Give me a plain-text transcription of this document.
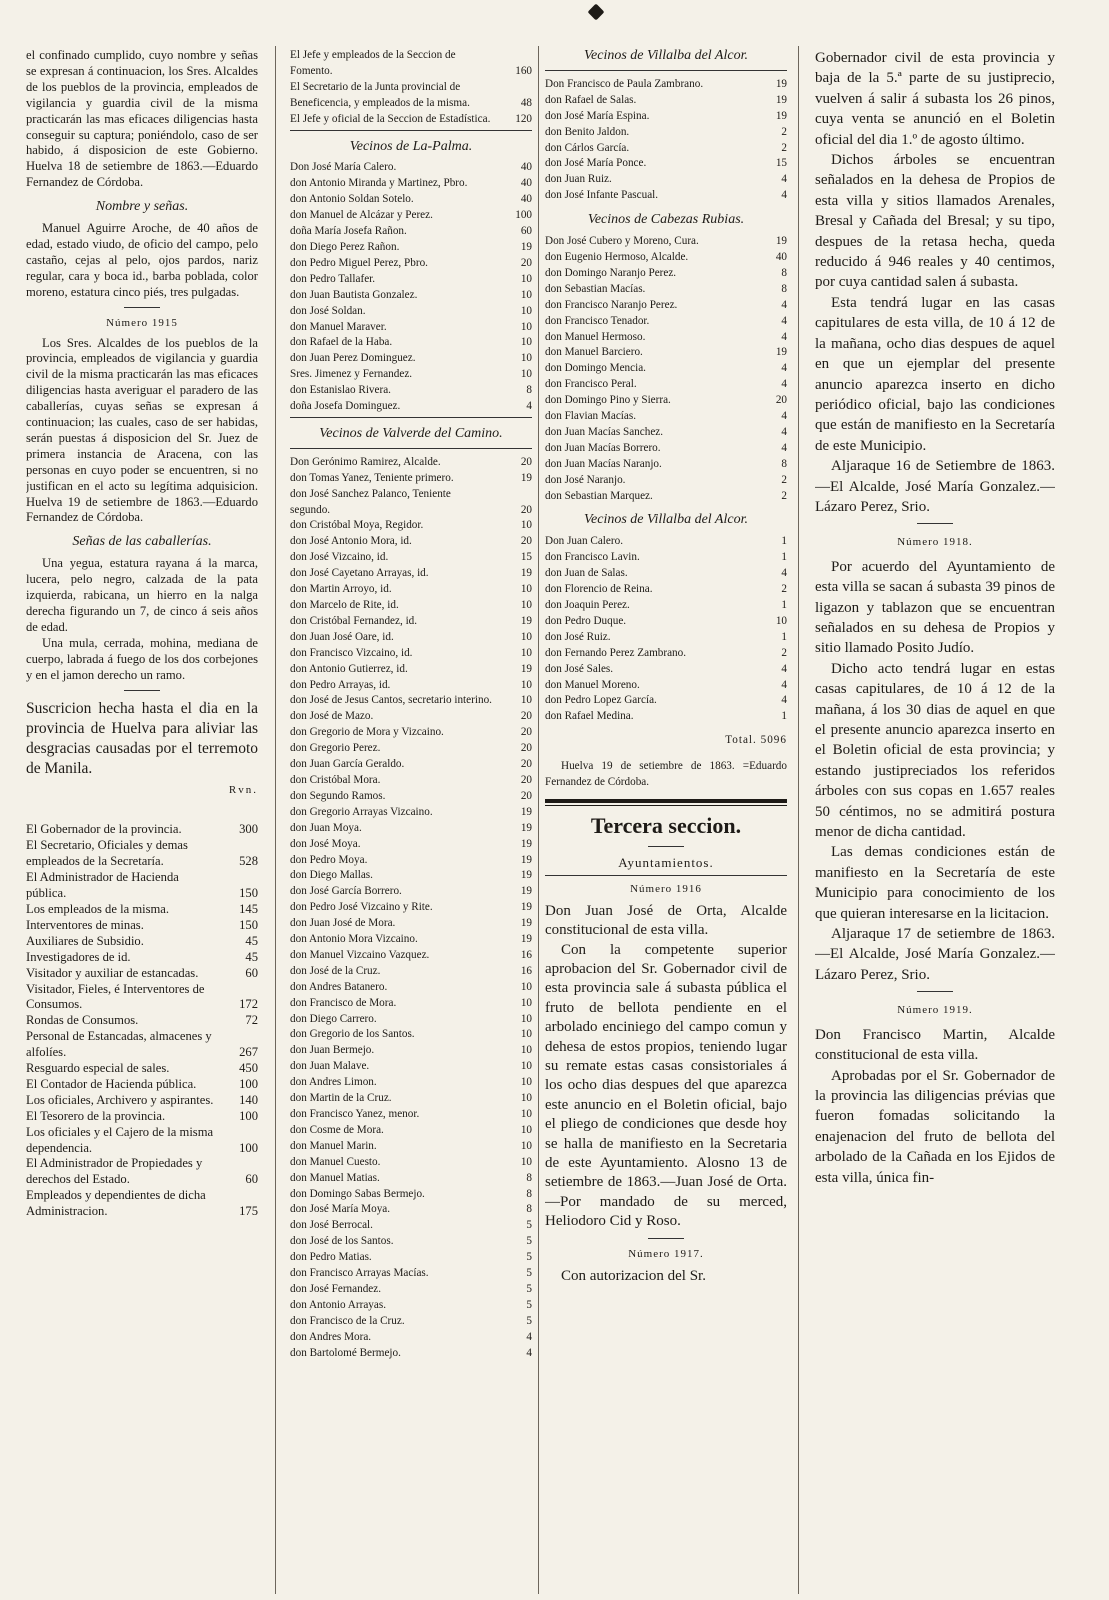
el confinado cumplido, cuyo nombre y señas se expresan á continuacion, los Sres. Alcaldes de los pueblos de la provincia, empleados de vigilancia y guardia civil de la misma practicarán las mas eficaces diligencias hasta conseguir su captura; poniéndolo, caso de ser habido, á disposicion de este Gobierno. Huelva 18 de setiembre de 1863.—Eduardo Fernandez de Córdoba.

Nombre y señas.

Manuel Aguirre Aroche, de 40 años de edad, estado viudo, de oficio del campo, pelo castaño, cejas al pelo, ojos pardos, nariz regular, cara y boca id., barba poblada, color moreno, estatura cinco piés, tres pulgadas.

Número 1915

Los Sres. Alcaldes de los pueblos de la provincia, empleados de vigilancia y guardia civil de la misma practicarán las mas eficaces diligencias hasta averiguar el paradero de las caballerías, cuyas señas se expresan á continuacion; las cuales, caso de ser habidas, serán puestas á disposicion del Sr. Juez de primera instancia de Aracena, con las personas en cuyo poder se encuentren, si no justifican en el acto su legítima adquisicion. Huelva 19 de setiembre de 1863.—Eduardo Fernandez de Córdoba.

Señas de las caballerías.

Una yegua, estatura rayana á la marca, lucera, pelo negro, calzada de la pata izquierda, rabicana, un hierro en la nalga derecha figurando un 7, de cinco á seis años de edad.

Una mula, cerrada, mohina, mediana de cuerpo, labrada á fuego de los dos corbejones y en el jamon derecho un ramo.

Suscricion hecha hasta el dia en la provincia de Huelva para aliviar las desgracias causadas por el terremoto de Manila.

Rvn.
El Gobernador de la provincia.	300
El Secretario, Oficiales y demas empleados de la Secretaría.	528
El Administrador de Hacienda pública.	150
Los empleados de la misma.	145
Interventores de minas.	150
Auxiliares de Subsidio.	45
Investigadores de id.	45
Visitador y auxiliar de estancadas.	60
Visitador, Fieles, é Interventores de Consumos.	172
Rondas de Consumos.	72
Personal de Estancadas, almacenes y alfolíes.	267
Resguardo especial de sales.	450
El Contador de Hacienda pública.	100
Los oficiales, Archivero y aspirantes.	140
El Tesorero de la provincia.	100
Los oficiales y el Cajero de la misma dependencia.	100
El Administrador de Propiedades y derechos del Estado.	60
Empleados y dependientes de dicha Administracion.	175
El Jefe y empleados de la Seccion de Fomento.	160
El Secretario de la Junta provincial de Beneficencia, y empleados de la misma.	48
El Jefe y oficial de la Seccion de Estadística.	120
Vecinos de La-Palma.
Don José María Calero.	40
don Antonio Miranda y Martinez, Pbro.	40
don Antonio Soldan Sotelo.	40
don Manuel de Alcázar y Perez.	100
doña María Josefa Rañon.	60
don Diego Perez Rañon.	19
don Pedro Miguel Perez, Pbro.	20
don Pedro Tallafer.	10
don Juan Bautista Gonzalez.	10
don José Soldan.	10
don Manuel Maraver.	10
don Rafael de la Haba.	10
don Juan Perez Dominguez.	10
Sres. Jimenez y Fernandez.	10
don Estanislao Rivera.	8
doña Josefa Dominguez.	4
Vecinos de Valverde del Camino.
Don Gerónimo Ramirez, Alcalde.	20
don Tomas Yanez, Teniente primero.	19
don José Sanchez Palanco, Teniente segundo.	20
don Cristóbal Moya, Regidor.	10
don José Antonio Mora, id.	20
don José Vizcaino, id.	15
don José Cayetano Arrayas, id.	19
don Martin Arroyo, id.	10
don Marcelo de Rite, id.	10
don Cristóbal Fernandez, id.	19
don Juan José Oare, id.	10
don Francisco Vizcaino, id.	10
don Antonio Gutierrez, id.	19
don Pedro Arrayas, id.	10
don José de Jesus Cantos, secretario interino.	10
don José de Mazo.	20
don Gregorio de Mora y Vizcaino.	20
don Gregorio Perez.	20
don Juan García Geraldo.	20
don Cristóbal Mora.	20
don Segundo Ramos.	20
don Gregorio Arrayas Vizcaino.	19
don Juan Moya.	19
don José Moya.	19
don Pedro Moya.	19
don Diego Mallas.	19
don José García Borrero.	19
don Pedro José Vizcaino y Rite.	19
don Juan José de Mora.	19
don Antonio Mora Vizcaino.	19
don Manuel Vizcaino Vazquez.	16
don José de la Cruz.	16
don Andres Batanero.	10
don Francisco de Mora.	10
don Diego Carrero.	10
don Gregorio de los Santos.	10
don Juan Bermejo.	10
don Juan Malave.	10
don Andres Limon.	10
don Martin de la Cruz.	10
don Francisco Yanez, menor.	10
don Cosme de Mora.	10
don Manuel Marin.	10
don Manuel Cuesto.	10
don Manuel Matias.	8
don Domingo Sabas Bermejo.	8
don José María Moya.	8
don José Berrocal.	5
don José de los Santos.	5
don Pedro Matias.	5
don Francisco Arrayas Macías.	5
don José Fernandez.	5
don Antonio Arrayas.	5
don Francisco de la Cruz.	5
don Andres Mora.	4
don Bartolomé Bermejo.	4
Vecinos de Villalba del Alcor.
Don Francisco de Paula Zambrano.	19
don Rafael de Salas.	19
don José María Espina.	19
don Benito Jaldon.	2
don Cárlos García.	2
don José María Ponce.	15
don Juan Ruiz.	4
don José Infante Pascual.	4
Vecinos de Cabezas Rubias.
Don José Cubero y Moreno, Cura.	19
don Eugenio Hermoso, Alcalde.	40
don Domingo Naranjo Perez.	8
don Sebastian Macías.	8
don Francisco Naranjo Perez.	4
don Francisco Tenador.	4
don Manuel Hermoso.	4
don Manuel Barciero.	19
don Domingo Mencia.	4
don Francisco Peral.	4
don Domingo Pino y Sierra.	20
don Flavian Macías.	4
don Juan Macías Sanchez.	4
don Juan Macías Borrero.	4
don Juan Macías Naranjo.	8
don José Naranjo.	2
don Sebastian Marquez.	2
Vecinos de Villalba del Alcor.
Don Juan Calero.	1
don Francisco Lavin.	1
don Juan de Salas.	4
don Florencio de Reina.	2
don Joaquin Perez.	1
don Pedro Duque.	10
don José Ruiz.	1
don Fernando Perez Zambrano.	2
don José Sales.	4
don Manuel Moreno.	4
don Pedro Lopez García.	4
don Rafael Medina.	1
Total. 5096

Huelva 19 de setiembre de 1863. =Eduardo Fernandez de Córdoba.

Tercera seccion.
Ayuntamientos.
Número 1916

Don Juan José de Orta, Alcalde constitucional de esta villa.

Con la competente superior aprobacion del Sr. Gobernador civil de esta provincia sale á subasta pública el fruto de bellota pendiente en el arbolado enciniego del campo comun y dehesa de estos propios, teniendo lugar su remate estas casas consistoriales á los ocho dias despues del que aparezca este anuncio en el Boletin oficial, bajo el pliego de condiciones que desde hoy se halla de manifiesto en la Secretaria de este Ayuntamiento. Alosno 13 de setiembre de 1863.—Juan José de Orta.—Por mandado de su merced, Heliodoro Cid y Roso.

Número 1917.

Con autorizacion del Sr.

Gobernador civil de esta provincia y baja de la 5.ª parte de su justiprecio, vuelven á salir á subasta los 26 pinos, cuya venta se anunció en el Boletin oficial del dia 1.º de agosto último.

Dichos árboles se encuentran señalados en la dehesa de Propios de esta villa y sitios llamados Arenales, Bresal y Cañada del Bresal; y su tipo, despues de la retasa hecha, queda reducido á 946 reales y 40 centimos, por cuya cantidad salen á subasta.

Esta tendrá lugar en las casas capitulares de esta villa, de 10 á 12 de la mañana, ocho dias despues de aquel en que un ejemplar del presente anuncio aparezca inserto en dicho periódico oficial, bajo las condiciones que están de manifiesto en la Secretaría de este Municipio.

Aljaraque 16 de Setiembre de 1863.—El Alcalde, José María Gonzalez.—Lázaro Perez, Srio.

Número 1918.

Por acuerdo del Ayuntamiento de esta villa se sacan á subasta 39 pinos de ligazon y tablazon que se encuentran señalados en su dehesa de Propios y sitio llamado Posito Judío.

Dicho acto tendrá lugar en estas casas capitulares, de 10 á 12 de la mañana, á los 30 dias de aquel en que el presente anuncio aparezca inserto en el Boletin oficial de esta provincia; y estando justipreciados los referidos árboles con sus copas en 1.657 reales 50 céntimos, no se admitirá postura menor de dicha cantidad.

Las demas condiciones están de manifiesto en la Secretaría de este Municipio para conocimiento de los que quieran interesarse en la licitacion.

Aljaraque 17 de setiembre de 1863.—El Alcalde, José María Gonzalez.—Lázaro Perez, Srio.

Número 1919.

Don Francisco Martin, Alcalde constitucional de esta villa.

Aprobadas por el Sr. Gobernador de la provincia las diligencias prévias que fueron fomadas solicitando la enajenacion del fruto de bellota del arbolado de la Cañada en los Ejidos de esta villa, única fin-
